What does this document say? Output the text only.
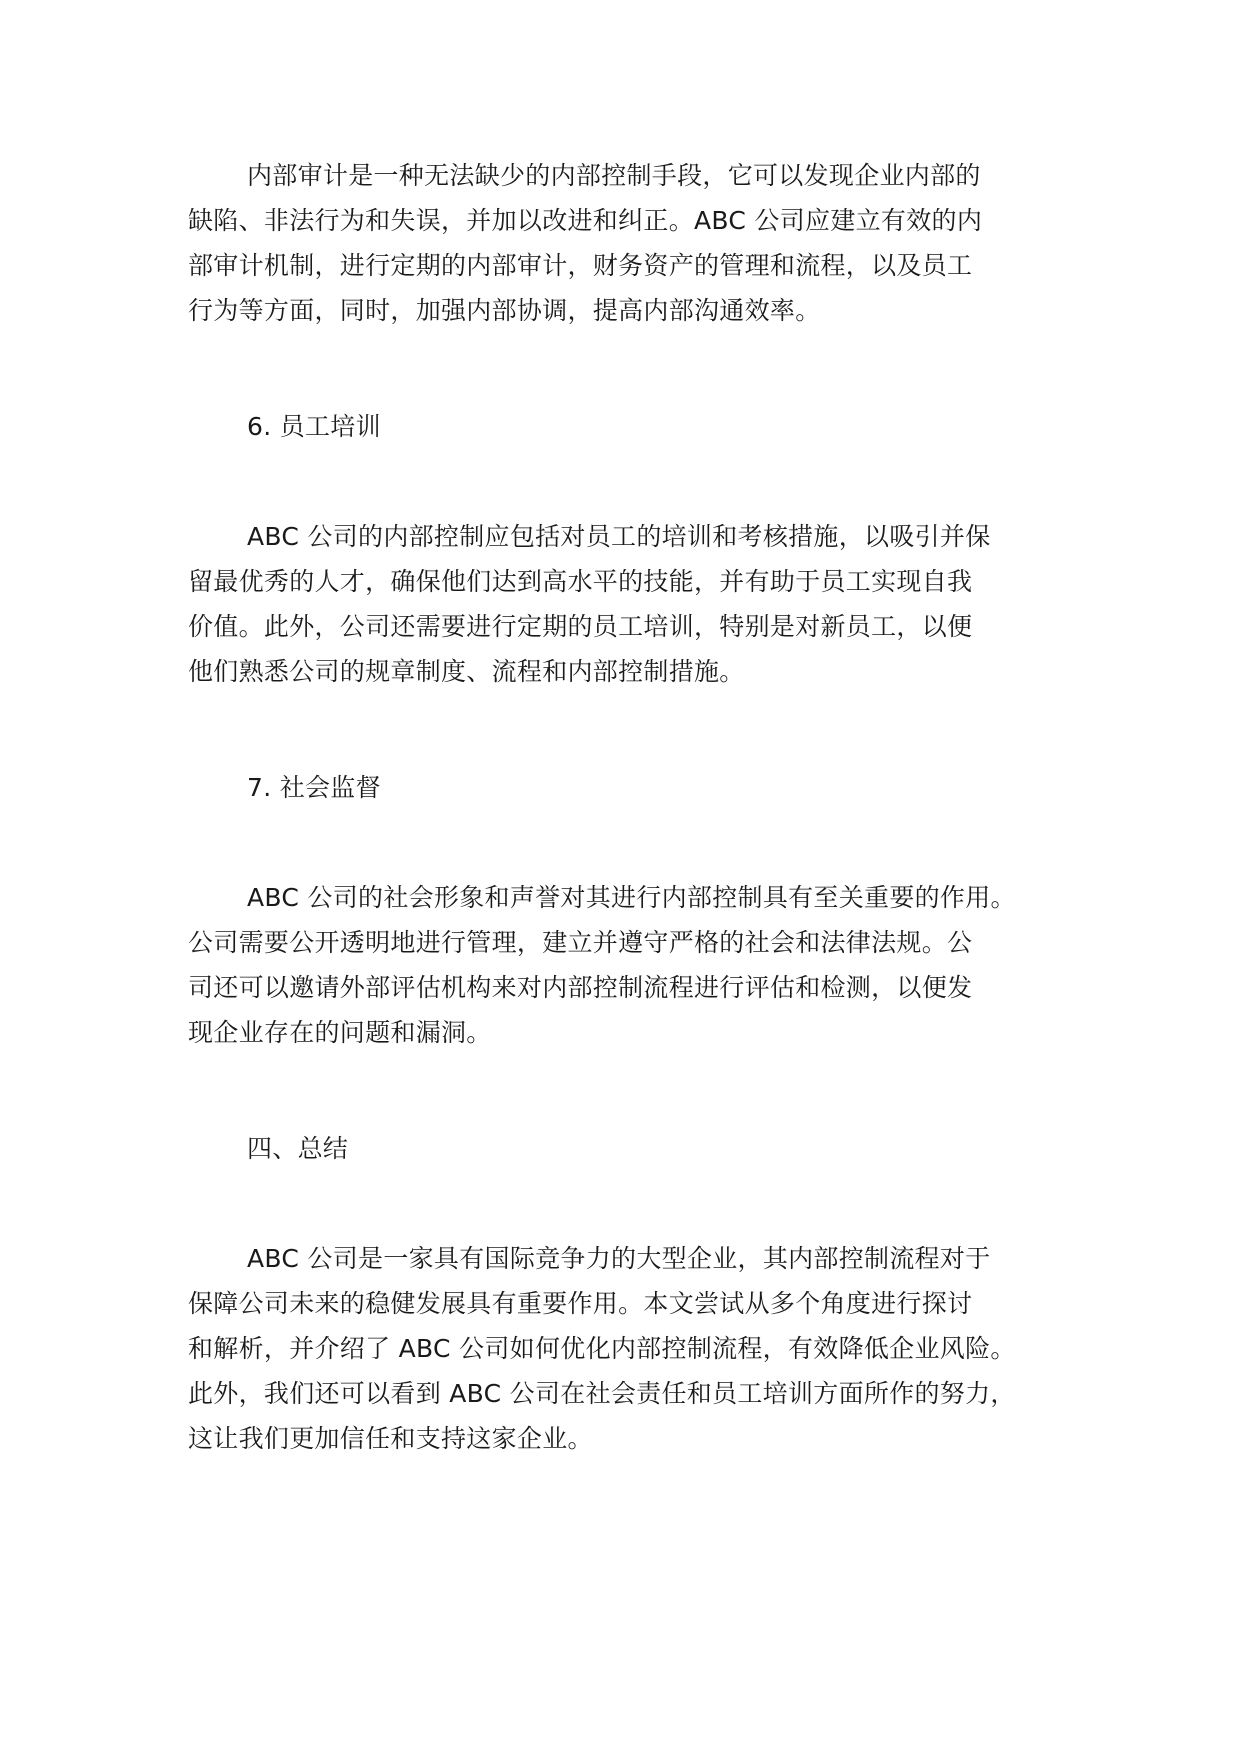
内部审计是一种无法缺少的内部控制手段，它可以发现企业内部的
缺陷、非法行为和失误，并加以改进和纠正。ABC 公司应建立有效的内
部审计机制，进行定期的内部审计，财务资产的管理和流程，以及员工
行为等方面，同时，加强内部协调，提高内部沟通效率。
6. 员工培训
ABC 公司的内部控制应包括对员工的培训和考核措施，以吸引并保
留最优秀的人才，确保他们达到高水平的技能，并有助于员工实现自我
价值。此外，公司还需要进行定期的员工培训，特别是对新员工，以便
他们熟悉公司的规章制度、流程和内部控制措施。
7. 社会监督
ABC 公司的社会形象和声誉对其进行内部控制具有至关重要的作用。
公司需要公开透明地进行管理，建立并遵守严格的社会和法律法规。公
司还可以邀请外部评估机构来对内部控制流程进行评估和检测，以便发
现企业存在的问题和漏洞。
四、总结
ABC 公司是一家具有国际竞争力的大型企业，其内部控制流程对于
保障公司未来的稳健发展具有重要作用。本文尝试从多个角度进行探讨
和解析，并介绍了 ABC 公司如何优化内部控制流程，有效降低企业风险。
此外，我们还可以看到 ABC 公司在社会责任和员工培训方面所作的努力，
这让我们更加信任和支持这家企业。
